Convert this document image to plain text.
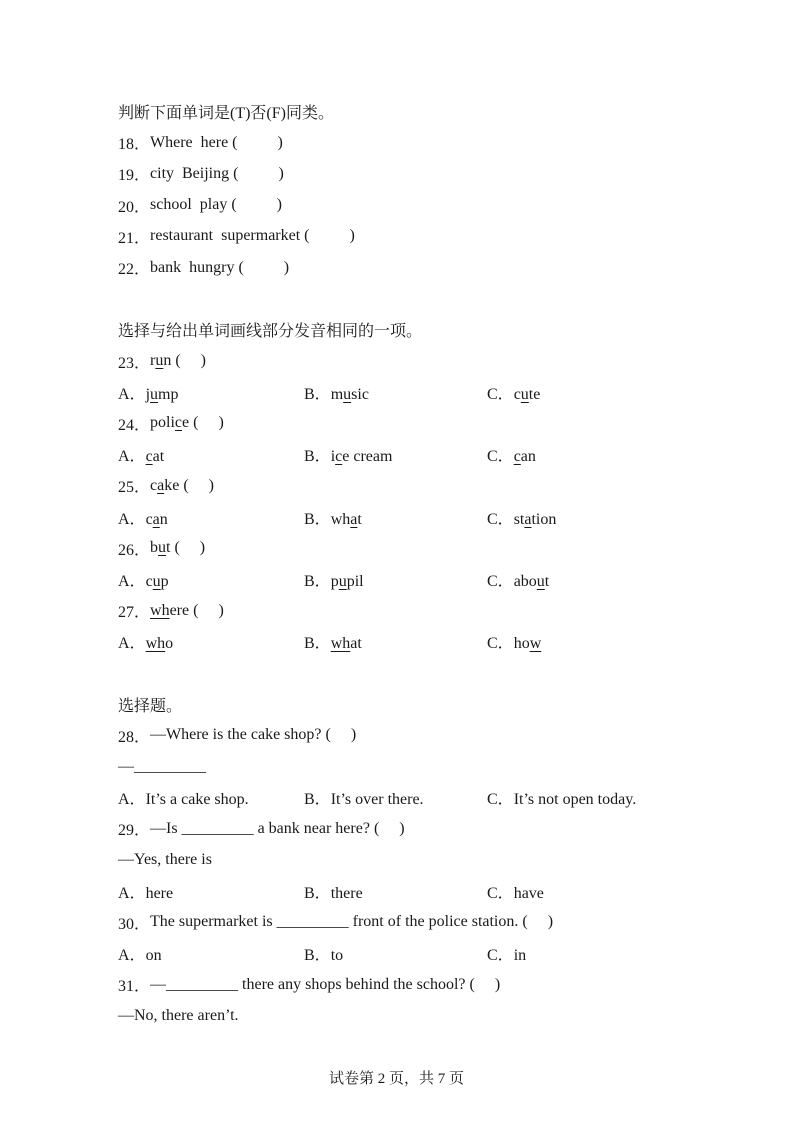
判断下面单词是(T)否(F)同类。
18． Where  here (          )
19． city  Beijing (          )
20． school  play (          )
21． restaurant  supermarket (          )
22． bank  hungry (          )
选择与给出单词画线部分发音相同的一项。
23． r u n (     )
A．jump	B．music	C．cute
24． poli c e (     )
A．cat	B．ice cream	C．can
25． c a ke (     )
A．can	B．what	C．station
26． b u t (     )
A．cup	B．pupil	C．about
27． wh ere (     )
A．who	B．what	C．how
选择题。
28． —Where is the cake shop? (     )
—_________
A．It’s a cake shop.	B．It’s over there.	C．It’s not open today.
29． —Is _________ a bank near here? (     )
—Yes, there is
A．here	B．there	C．have
30． The supermarket is _________ front of the police station. (     )
A．on	B．to	C．in
31． —_________ there any shops behind the school? (     )
—No, there aren’t.
试卷第 2 页，共 7 页
